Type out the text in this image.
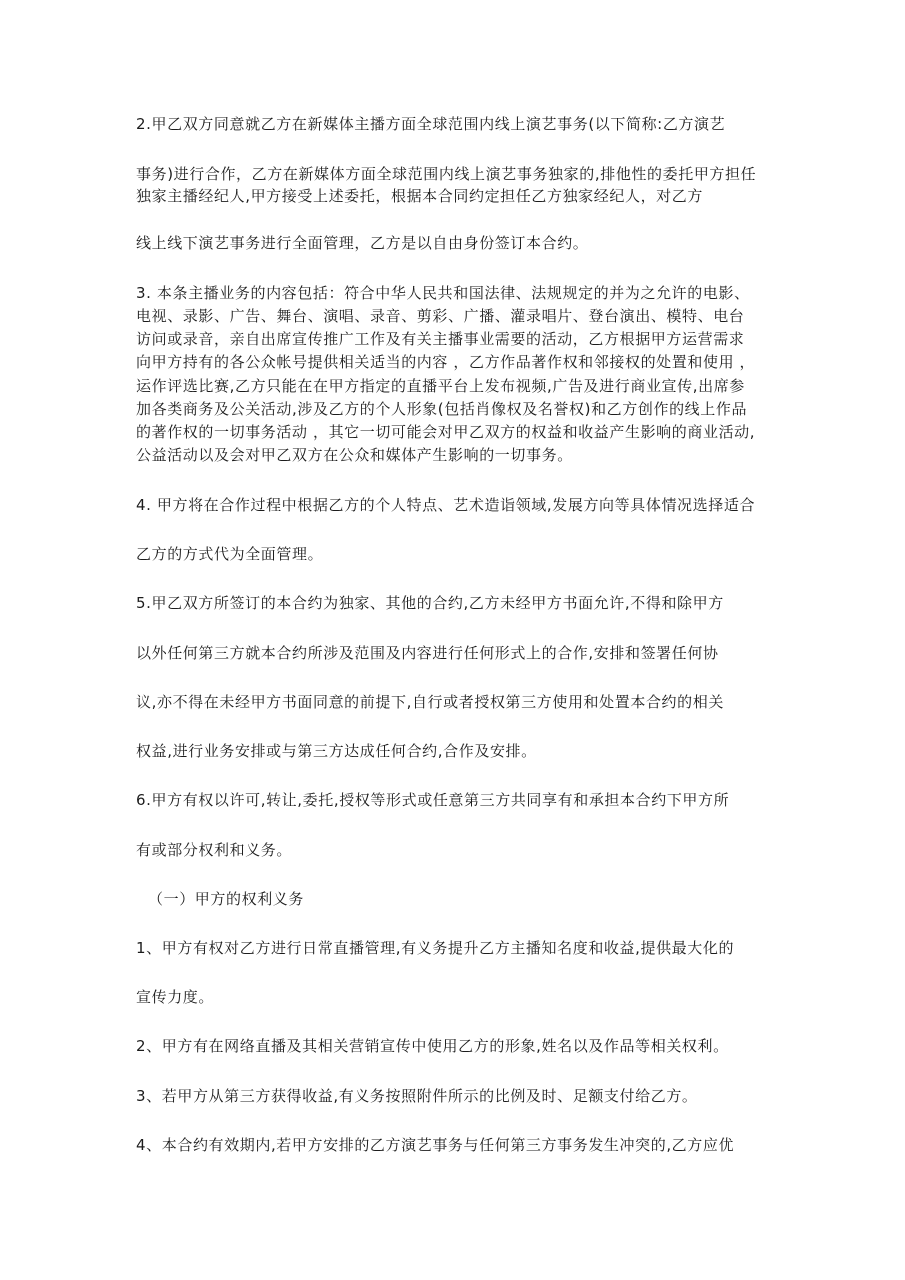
2.甲乙双方同意就乙方在新媒体主播方面全球范围内线上演艺事务(以下简称:乙方演艺
事务)进行合作，乙方在新媒体方面全球范围内线上演艺事务独家的,排他性的委托甲方担任
独家主播经纪人,甲方接受上述委托，根据本合同约定担任乙方独家经纪人，对乙方
线上线下演艺事务进行全面管理，乙方是以自由身份签订本合约。
3. 本条主播业务的内容包括：符合中华人民共和国法律、法规规定的并为之允许的电影、
电视、录影、广告、舞台、演唱、录音、剪彩、广播、灌录唱片、登台演出、模特、电台
访问或录音，亲自出席宣传推广工作及有关主播事业需要的活动，乙方根据甲方运营需求
向甲方持有的各公众帐号提供相关适当的内容 ，乙方作品著作权和邻接权的处置和使用 ，
运作评选比赛,乙方只能在在甲方指定的直播平台上发布视频,广告及进行商业宣传,出席参
加各类商务及公关活动,涉及乙方的个人形象(包括肖像权及名誉权)和乙方创作的线上作品
的著作权的一切事务活动 ，其它一切可能会对甲乙双方的权益和收益产生影响的商业活动,
公益活动以及会对甲乙双方在公众和媒体产生影响的一切事务。
4. 甲方将在合作过程中根据乙方的个人特点、艺术造诣领域,发展方向等具体情况选择适合
乙方的方式代为全面管理。
5.甲乙双方所签订的本合约为独家、其他的合约,乙方未经甲方书面允许,不得和除甲方
以外任何第三方就本合约所涉及范围及内容进行任何形式上的合作,安排和签署任何协
议,亦不得在未经甲方书面同意的前提下,自行或者授权第三方使用和处置本合约的相关
权益,进行业务安排或与第三方达成任何合约,合作及安排。
6.甲方有权以许可,转让,委托,授权等形式或任意第三方共同享有和承担本合约下甲方所
有或部分权利和义务。
（一）甲方的权利义务
1、甲方有权对乙方进行日常直播管理,有义务提升乙方主播知名度和收益,提供最大化的
宣传力度。
2、甲方有在网络直播及其相关营销宣传中使用乙方的形象,姓名以及作品等相关权利。
3、若甲方从第三方获得收益,有义务按照附件所示的比例及时、足额支付给乙方。
4、本合约有效期内,若甲方安排的乙方演艺事务与任何第三方事务发生冲突的,乙方应优
